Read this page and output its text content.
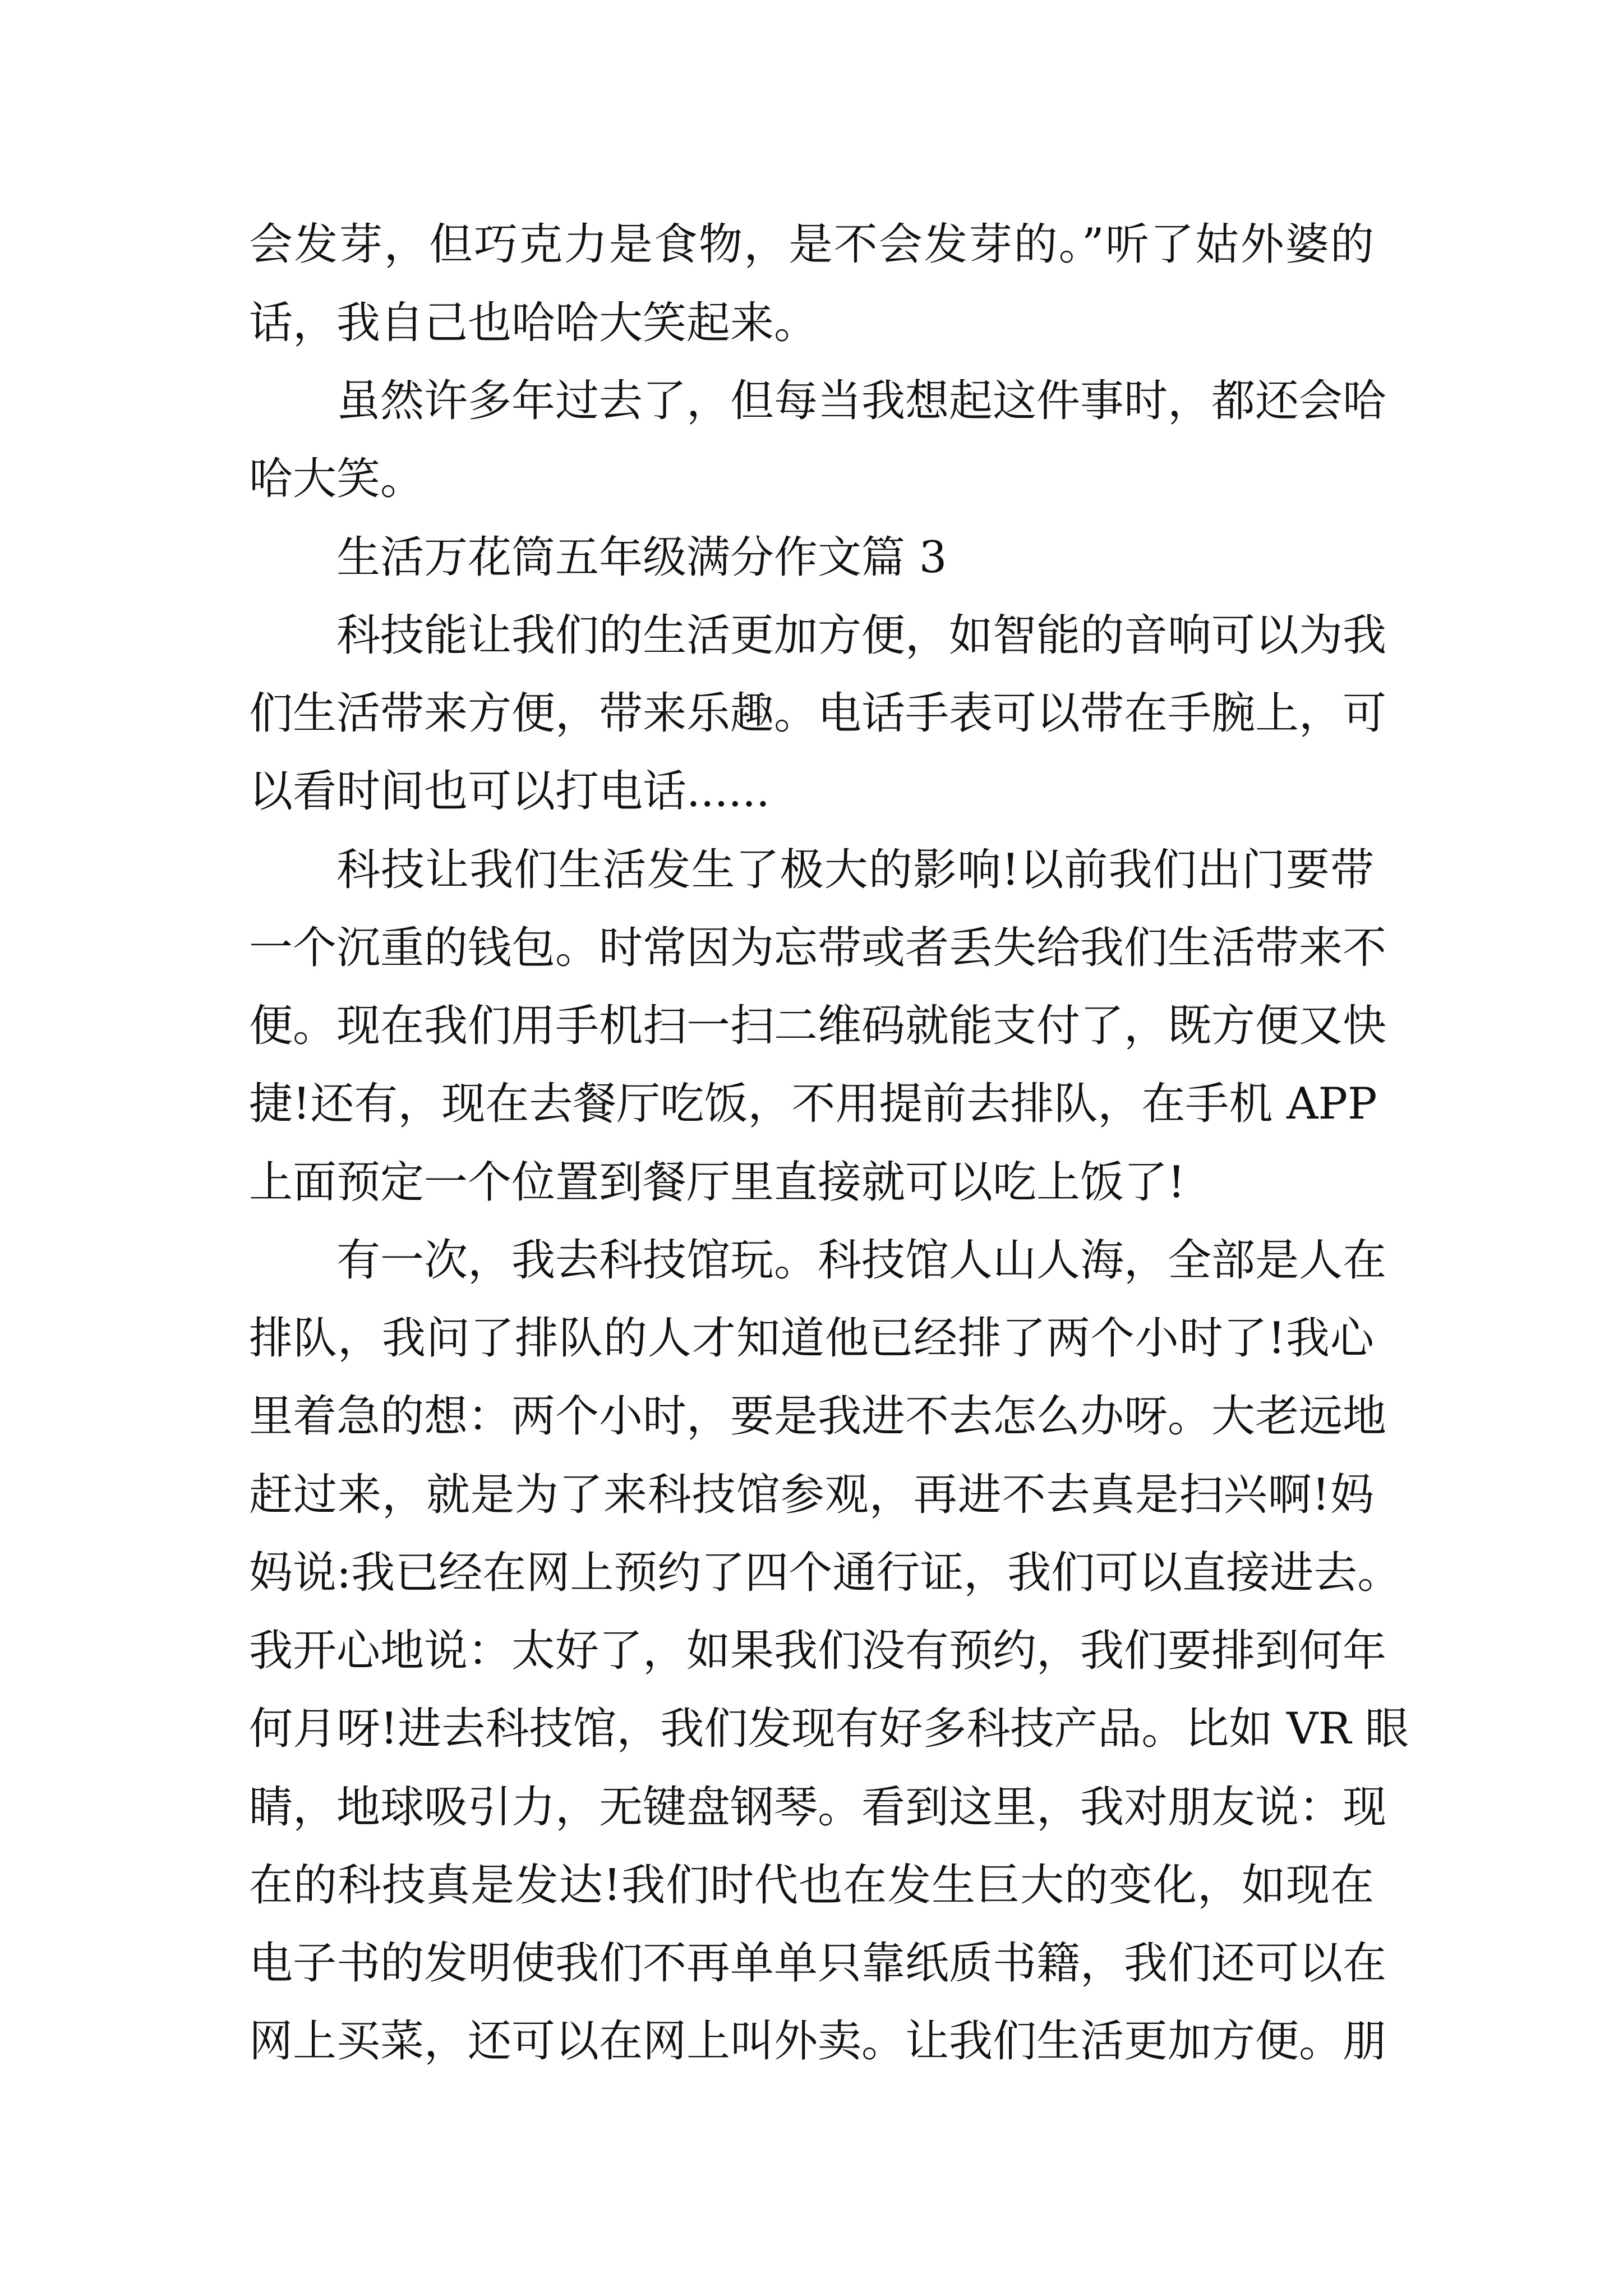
会发芽，但巧克力是食物，是不会发芽的。”听了姑外婆的
话，我自己也哈哈大笑起来。
虽然许多年过去了，但每当我想起这件事时，都还会哈
哈大笑。
生活万花筒五年级满分作文篇 3
科技能让我们的生活更加方便，如智能的音响可以为我
们生活带来方便，带来乐趣。电话手表可以带在手腕上，可
以看时间也可以打电话......
科技让我们生活发生了极大的影响!以前我们出门要带
一个沉重的钱包。时常因为忘带或者丢失给我们生活带来不
便。现在我们用手机扫一扫二维码就能支付了，既方便又快
捷!还有，现在去餐厅吃饭，不用提前去排队，在手机 APP
上面预定一个位置到餐厅里直接就可以吃上饭了!
有一次，我去科技馆玩。科技馆人山人海，全部是人在
排队，我问了排队的人才知道他已经排了两个小时了!我心
里着急的想：两个小时，要是我进不去怎么办呀。大老远地
赶过来，就是为了来科技馆参观，再进不去真是扫兴啊!妈
妈说:我已经在网上预约了四个通行证，我们可以直接进去。
我开心地说：太好了，如果我们没有预约，我们要排到何年
何月呀!进去科技馆，我们发现有好多科技产品。比如 VR 眼
睛，地球吸引力，无键盘钢琴。看到这里，我对朋友说：现
在的科技真是发达!我们时代也在发生巨大的变化，如现在
电子书的发明使我们不再单单只靠纸质书籍，我们还可以在
网上买菜，还可以在网上叫外卖。让我们生活更加方便。朋
